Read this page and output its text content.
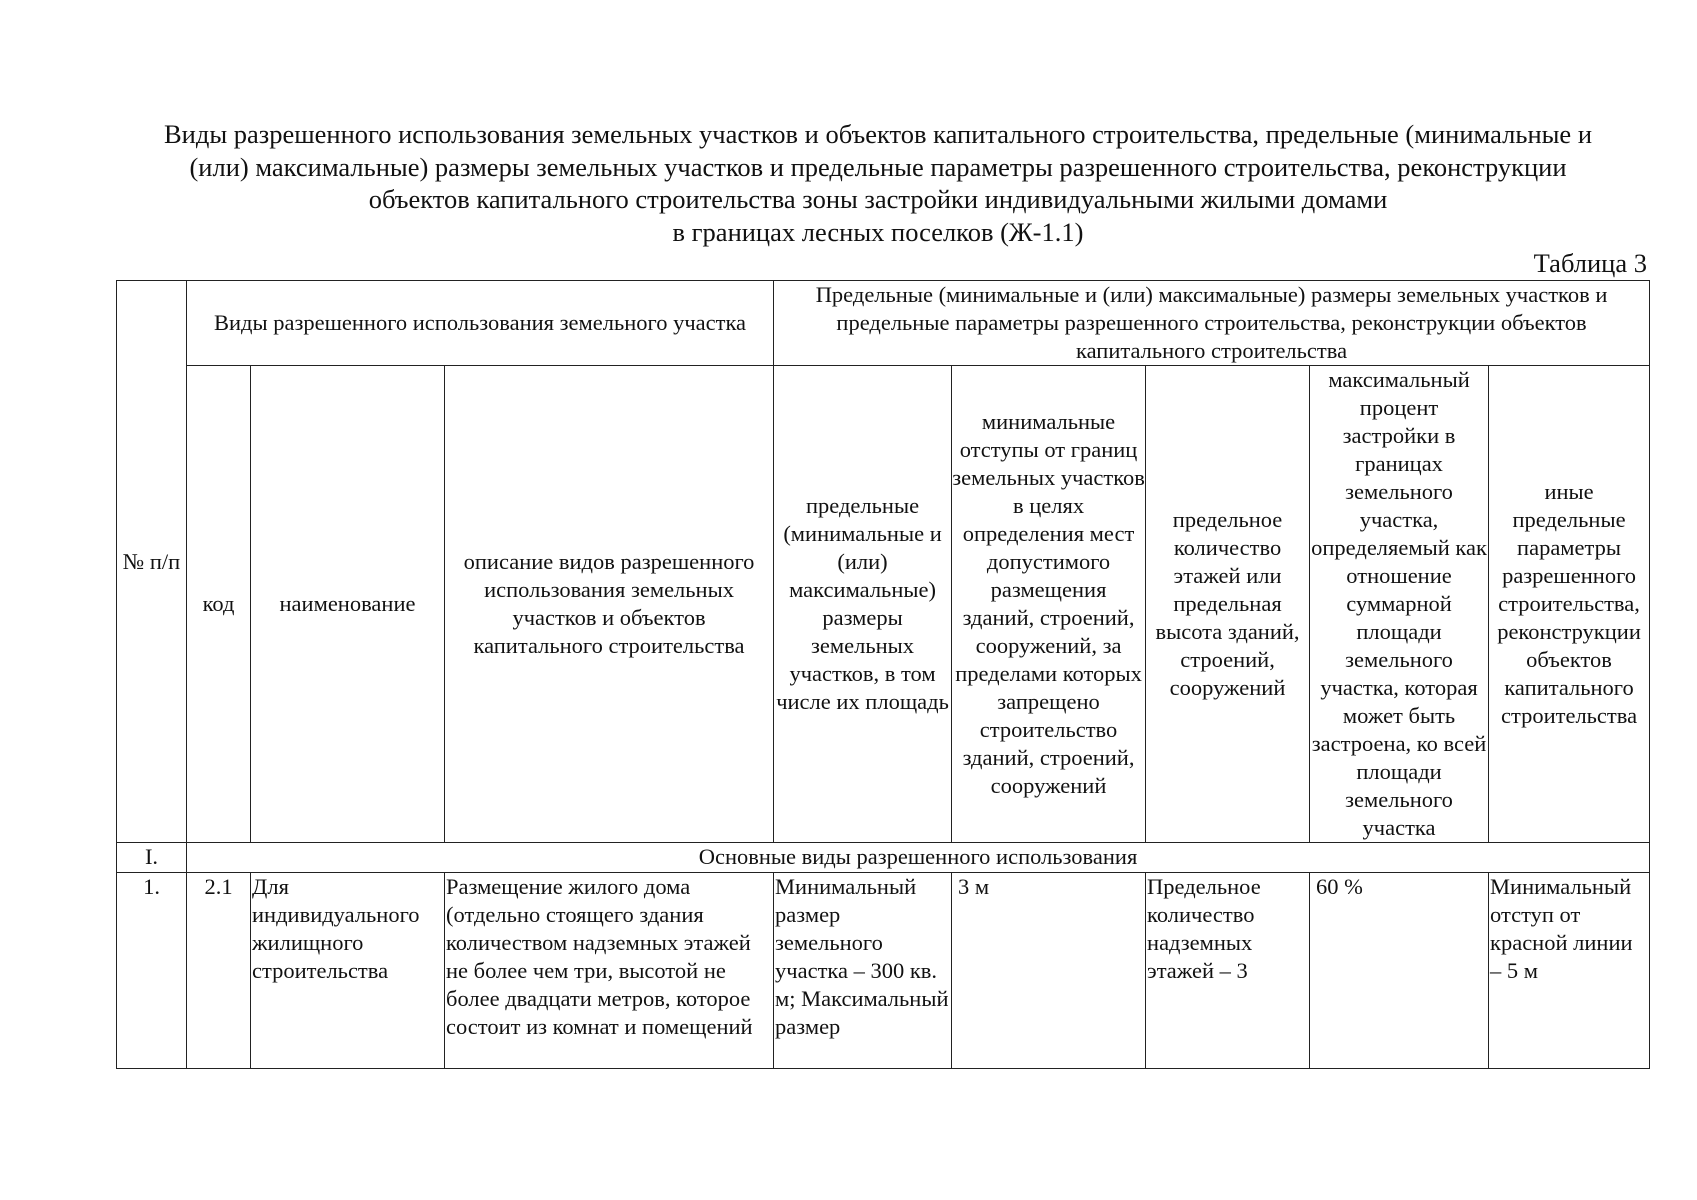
Виды разрешенного использования земельных участков и объектов капитального строительства, предельные (минимальные и
(или) максимальные) размеры земельных участков и предельные параметры разрешенного строительства, реконструкции
объектов капитального строительства зоны застройки индивидуальными жилыми домами
в границах лесных поселков (Ж-1.1)
Таблица 3
№ п/п	Виды разрешенного использования земельного участка			Предельные (минимальные и (или) максимальные) размеры земельных участков и предельные параметры разрешенного строительства, реконструкции объектов капитального строительства				
	код	наименование	описание видов разрешенного использования земельных участков и объектов капитального строительства	предельные (минимальные и (или) максимальные) размеры земельных участков, в том числе их площадь	минимальные отступы от границ земельных участков в целях определения мест допустимого размещения зданий, строений, сооружений, за пределами которых запрещено строительство зданий, строений, сооружений	предельное количество этажей или предельная высота зданий, строений, сооружений	максимальный процент застройки в границах земельного участка, определяемый как отношение суммарной площади земельного участка, которая может быть застроена, ко всей площади земельного участка	иные предельные параметры разрешенного строительства, реконструкции объектов капитального строительства
I.	Основные виды разрешенного использования							
1.	2.1	Для индивидуального жилищного строительства	Размещение жилого дома (отдельно стоящего здания количеством надземных этажей не более чем три, высотой не более двадцати метров, которое состоит из комнат и помещений	Минимальный размер земельного участка – 300 кв. м; Максимальный размер	3 м	Предельное количество надземных этажей – 3	60 %	Минимальный отступ от красной линии – 5 м
